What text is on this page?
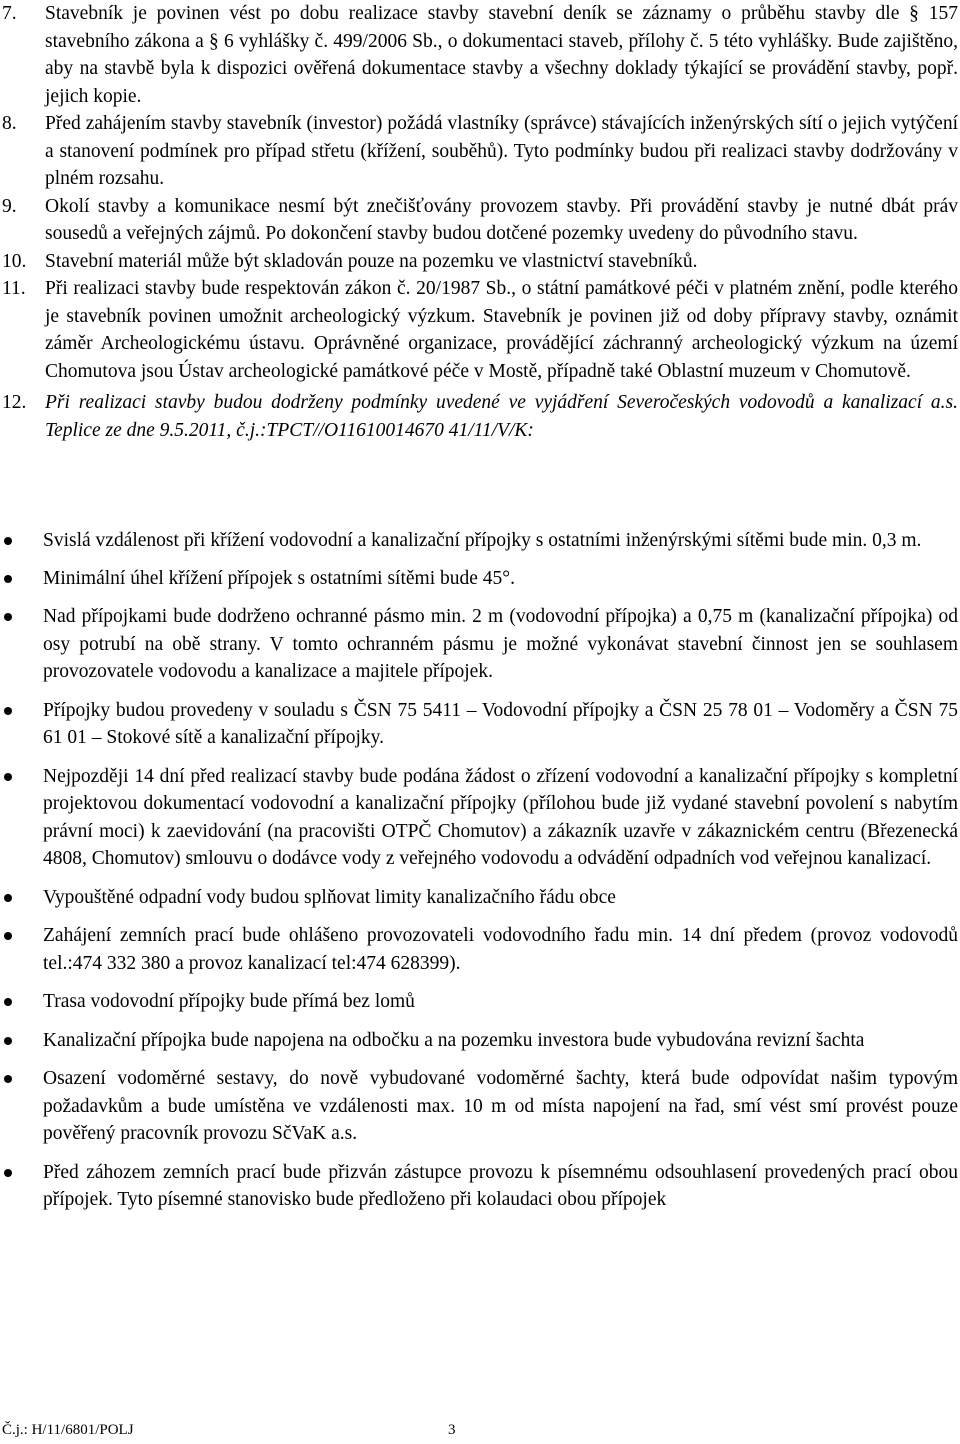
7.	Stavebník je povinen vést po dobu realizace stavby stavební deník se záznamy o průběhu stavby dle § 157 stavebního zákona a § 6 vyhlášky č. 499/2006 Sb., o dokumentaci staveb, přílohy č. 5 této vyhlášky. Bude zajištěno, aby na stavbě byla k dispozici ověřená dokumentace stavby a všechny doklady týkající se provádění stavby, popř. jejich kopie.
8.	Před zahájením stavby stavebník (investor) požádá vlastníky (správce) stávajících inženýrských sítí o jejich vytýčení a stanovení podmínek pro případ střetu (křížení, souběhů). Tyto podmínky budou při realizaci stavby dodržovány v plném rozsahu.
9.	Okolí stavby a komunikace nesmí být znečišťovány provozem stavby. Při provádění stavby je nutné dbát práv sousedů a veřejných zájmů. Po dokončení stavby budou dotčené pozemky uvedeny do původního stavu.
10. Stavební materiál může být skladován pouze na pozemku ve vlastnictví stavebníků.
11. Při realizaci stavby bude respektován zákon č. 20/1987 Sb., o státní památkové péči v platném znění, podle kterého je stavebník povinen umožnit archeologický výzkum. Stavebník je povinen již od doby přípravy stavby, oznámit záměr Archeologickému ústavu. Oprávněné organizace, provádějící záchranný archeologický výzkum na území Chomutova jsou Ústav archeologické památkové péče v Mostě, případně také Oblastní muzeum v Chomutově.
12. Při realizaci stavby budou dodrženy podmínky uvedené ve vyjádření Severočeských vodovodů a kanalizací a.s. Teplice ze dne 9.5.2011, č.j.:TPCT//O11610014670 41/11/V/K:
Svislá vzdálenost při křížení vodovodní a kanalizační přípojky s ostatními inženýrskými sítěmi bude min. 0,3 m.
Minimální úhel křížení přípojek s ostatními sítěmi bude 45°.
Nad přípojkami bude dodrženo ochranné pásmo min. 2 m (vodovodní přípojka) a 0,75 m (kanalizační přípojka) od osy potrubí na obě strany. V tomto ochranném pásmu je možné vykonávat stavební činnost jen se souhlasem provozovatele vodovodu a kanalizace a majitele přípojek.
Přípojky budou provedeny v souladu s ČSN 75 5411 – Vodovodní přípojky a ČSN 25 78 01 – Vodoměry a ČSN 75 61 01 – Stokové sítě a kanalizační přípojky.
Nejpozději 14 dní před realizací stavby bude podána žádost o zřízení vodovodní a kanalizační přípojky s kompletní projektovou dokumentací vodovodní a kanalizační přípojky (přílohou bude již vydané stavební povolení s nabytím právní moci) k zaevidování (na pracovišti OTPČ Chomutov) a zákazník uzavře v zákaznickém centru (Březenecká 4808, Chomutov) smlouvu o dodávce vody z veřejného vodovodu a odvádění odpadních vod veřejnou kanalizací.
Vypouštěné odpadní vody budou splňovat limity kanalizačního řádu obce
Zahájení zemních prací bude ohlášeno provozovateli vodovodního řadu min. 14 dní předem (provoz vodovodů tel.:474 332 380 a provoz kanalizací tel:474 628399).
Trasa vodovodní přípojky bude přímá bez lomů
Kanalizační přípojka bude napojena na odbočku a na pozemku investora bude vybudována revizní šachta
Osazení vodoměrné sestavy, do nově vybudované vodoměrné šachty, která bude odpovídat našim typovým požadavkům a bude umístěna ve vzdálenosti max. 10 m od místa napojení na řad, smí vést smí provést pouze pověřený pracovník provozu SčVaK a.s.
Před záhozem zemních prací bude přizván zástupce provozu k písemnému odsouhlasení provedených prací obou přípojek. Tyto písemné stanovisko bude předloženo při kolaudaci obou přípojek
Č.j.: H/11/6801/POLJ	3
